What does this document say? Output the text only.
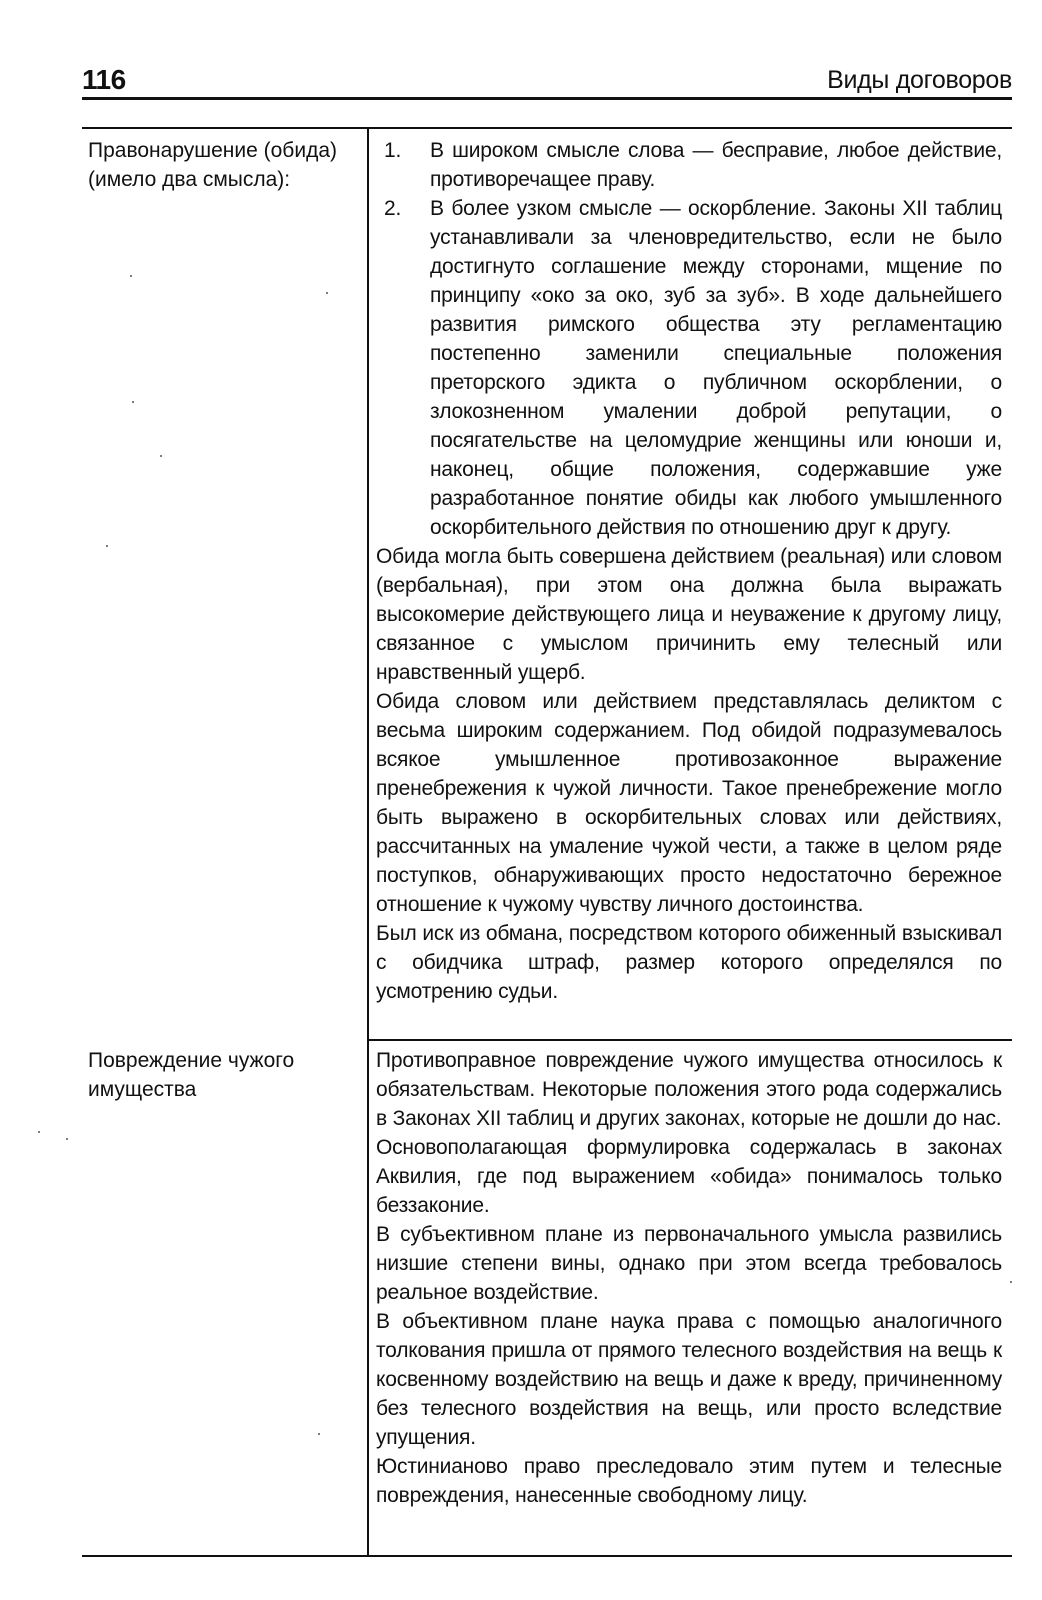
116	Виды договоров
Правонарушение (обида) (имело два смысла):
1. В широком смысле слова — бесправие, любое действие, противоречащее праву.
2. В более узком смысле — оскорбление. Законы XII таблиц устанавливали за членовредительство, если не было достигнуто соглашение между сторонами, мщение по принципу «око за око, зуб за зуб». В ходе дальнейшего развития римского общества эту регламентацию постепенно заменили специальные положения преторского эдикта о публичном оскорблении, о злокозненном умалении доброй репутации, о посягательстве на целомудрие женщины или юноши и, наконец, общие положения, содержавшие уже разработанное понятие обиды как любого умышленного оскорбительного действия по отношению друг к другу.

Обида могла быть совершена действием (реальная) или словом (вербальная), при этом она должна была выражать высокомерие действующего лица и неуважение к другому лицу, связанное с умыслом причинить ему телесный или нравственный ущерб.

Обида словом или действием представлялась деликтом с весьма широким содержанием. Под обидой подразумевалось всякое умышленное противозаконное выражение пренебрежения к чужой личности. Такое пренебрежение могло быть выражено в оскорбительных словах или действиях, рассчитанных на умаление чужой чести, а также в целом ряде поступков, обнаруживающих просто недостаточно бережное отношение к чужому чувству личного достоинства.

Был иск из обмана, посредством которого обиженный взыскивал с обидчика штраф, размер которого определялся по усмотрению судьи.

Повреждение чужого имущества

Противоправное повреждение чужого имущества относилось к обязательствам. Некоторые положения этого рода содержались в Законах XII таблиц и других законах, которые не дошли до нас.

Основополагающая формулировка содержалась в законах Аквилия, где под выражением «обида» понималось только беззаконие.

В субъективном плане из первоначального умысла развились низшие степени вины, однако при этом всегда требовалось реальное воздействие.

В объективном плане наука права с помощью аналогичного толкования пришла от прямого телесного воздействия на вещь к косвенному воздействию на вещь и даже к вреду, причиненному без телесного воздействия на вещь, или просто вследствие упущения.

Юстинианово право преследовало этим путем и телесные повреждения, нанесенные свободному лицу.
